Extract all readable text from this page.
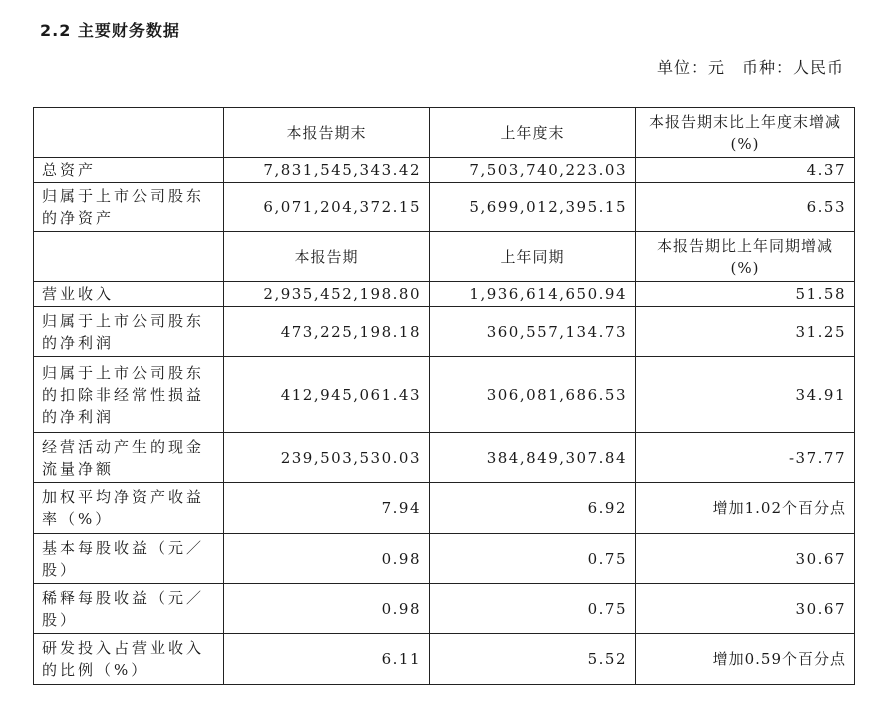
2.2 主要财务数据
单位：元　币种：人民币
	本报告期末	上年度末	本报告期末比上年度末增减(%)
总资产	7,831,545,343.42	7,503,740,223.03	4.37
归属于上市公司股东的净资产	6,071,204,372.15	5,699,012,395.15	6.53
	本报告期	上年同期	本报告期比上年同期增减(%)
营业收入	2,935,452,198.80	1,936,614,650.94	51.58
归属于上市公司股东的净利润	473,225,198.18	360,557,134.73	31.25
归属于上市公司股东的扣除非经常性损益的净利润	412,945,061.43	306,081,686.53	34.91
经营活动产生的现金流量净额	239,503,530.03	384,849,307.84	-37.77
加权平均净资产收益率（%）	7.94	6.92	增加1.02个百分点
基本每股收益（元／股）	0.98	0.75	30.67
稀释每股收益（元／股）	0.98	0.75	30.67
研发投入占营业收入的比例（%）	6.11	5.52	增加0.59个百分点
